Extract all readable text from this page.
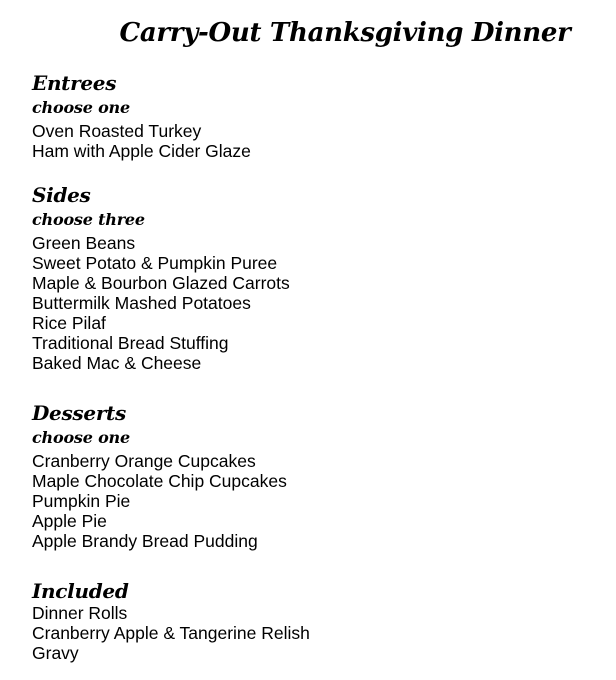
Carry-Out Thanksgiving Dinner
Entrees
choose one
Oven Roasted Turkey
Ham with Apple Cider Glaze
Sides
choose three
Green Beans
Sweet Potato & Pumpkin Puree
Maple & Bourbon Glazed Carrots
Buttermilk Mashed Potatoes
Rice Pilaf
Traditional Bread Stuffing
Baked Mac & Cheese
Desserts
choose one
Cranberry Orange Cupcakes
Maple Chocolate Chip Cupcakes
Pumpkin Pie
Apple Pie
Apple Brandy Bread Pudding
Included
Dinner Rolls
Cranberry Apple & Tangerine Relish
Gravy
